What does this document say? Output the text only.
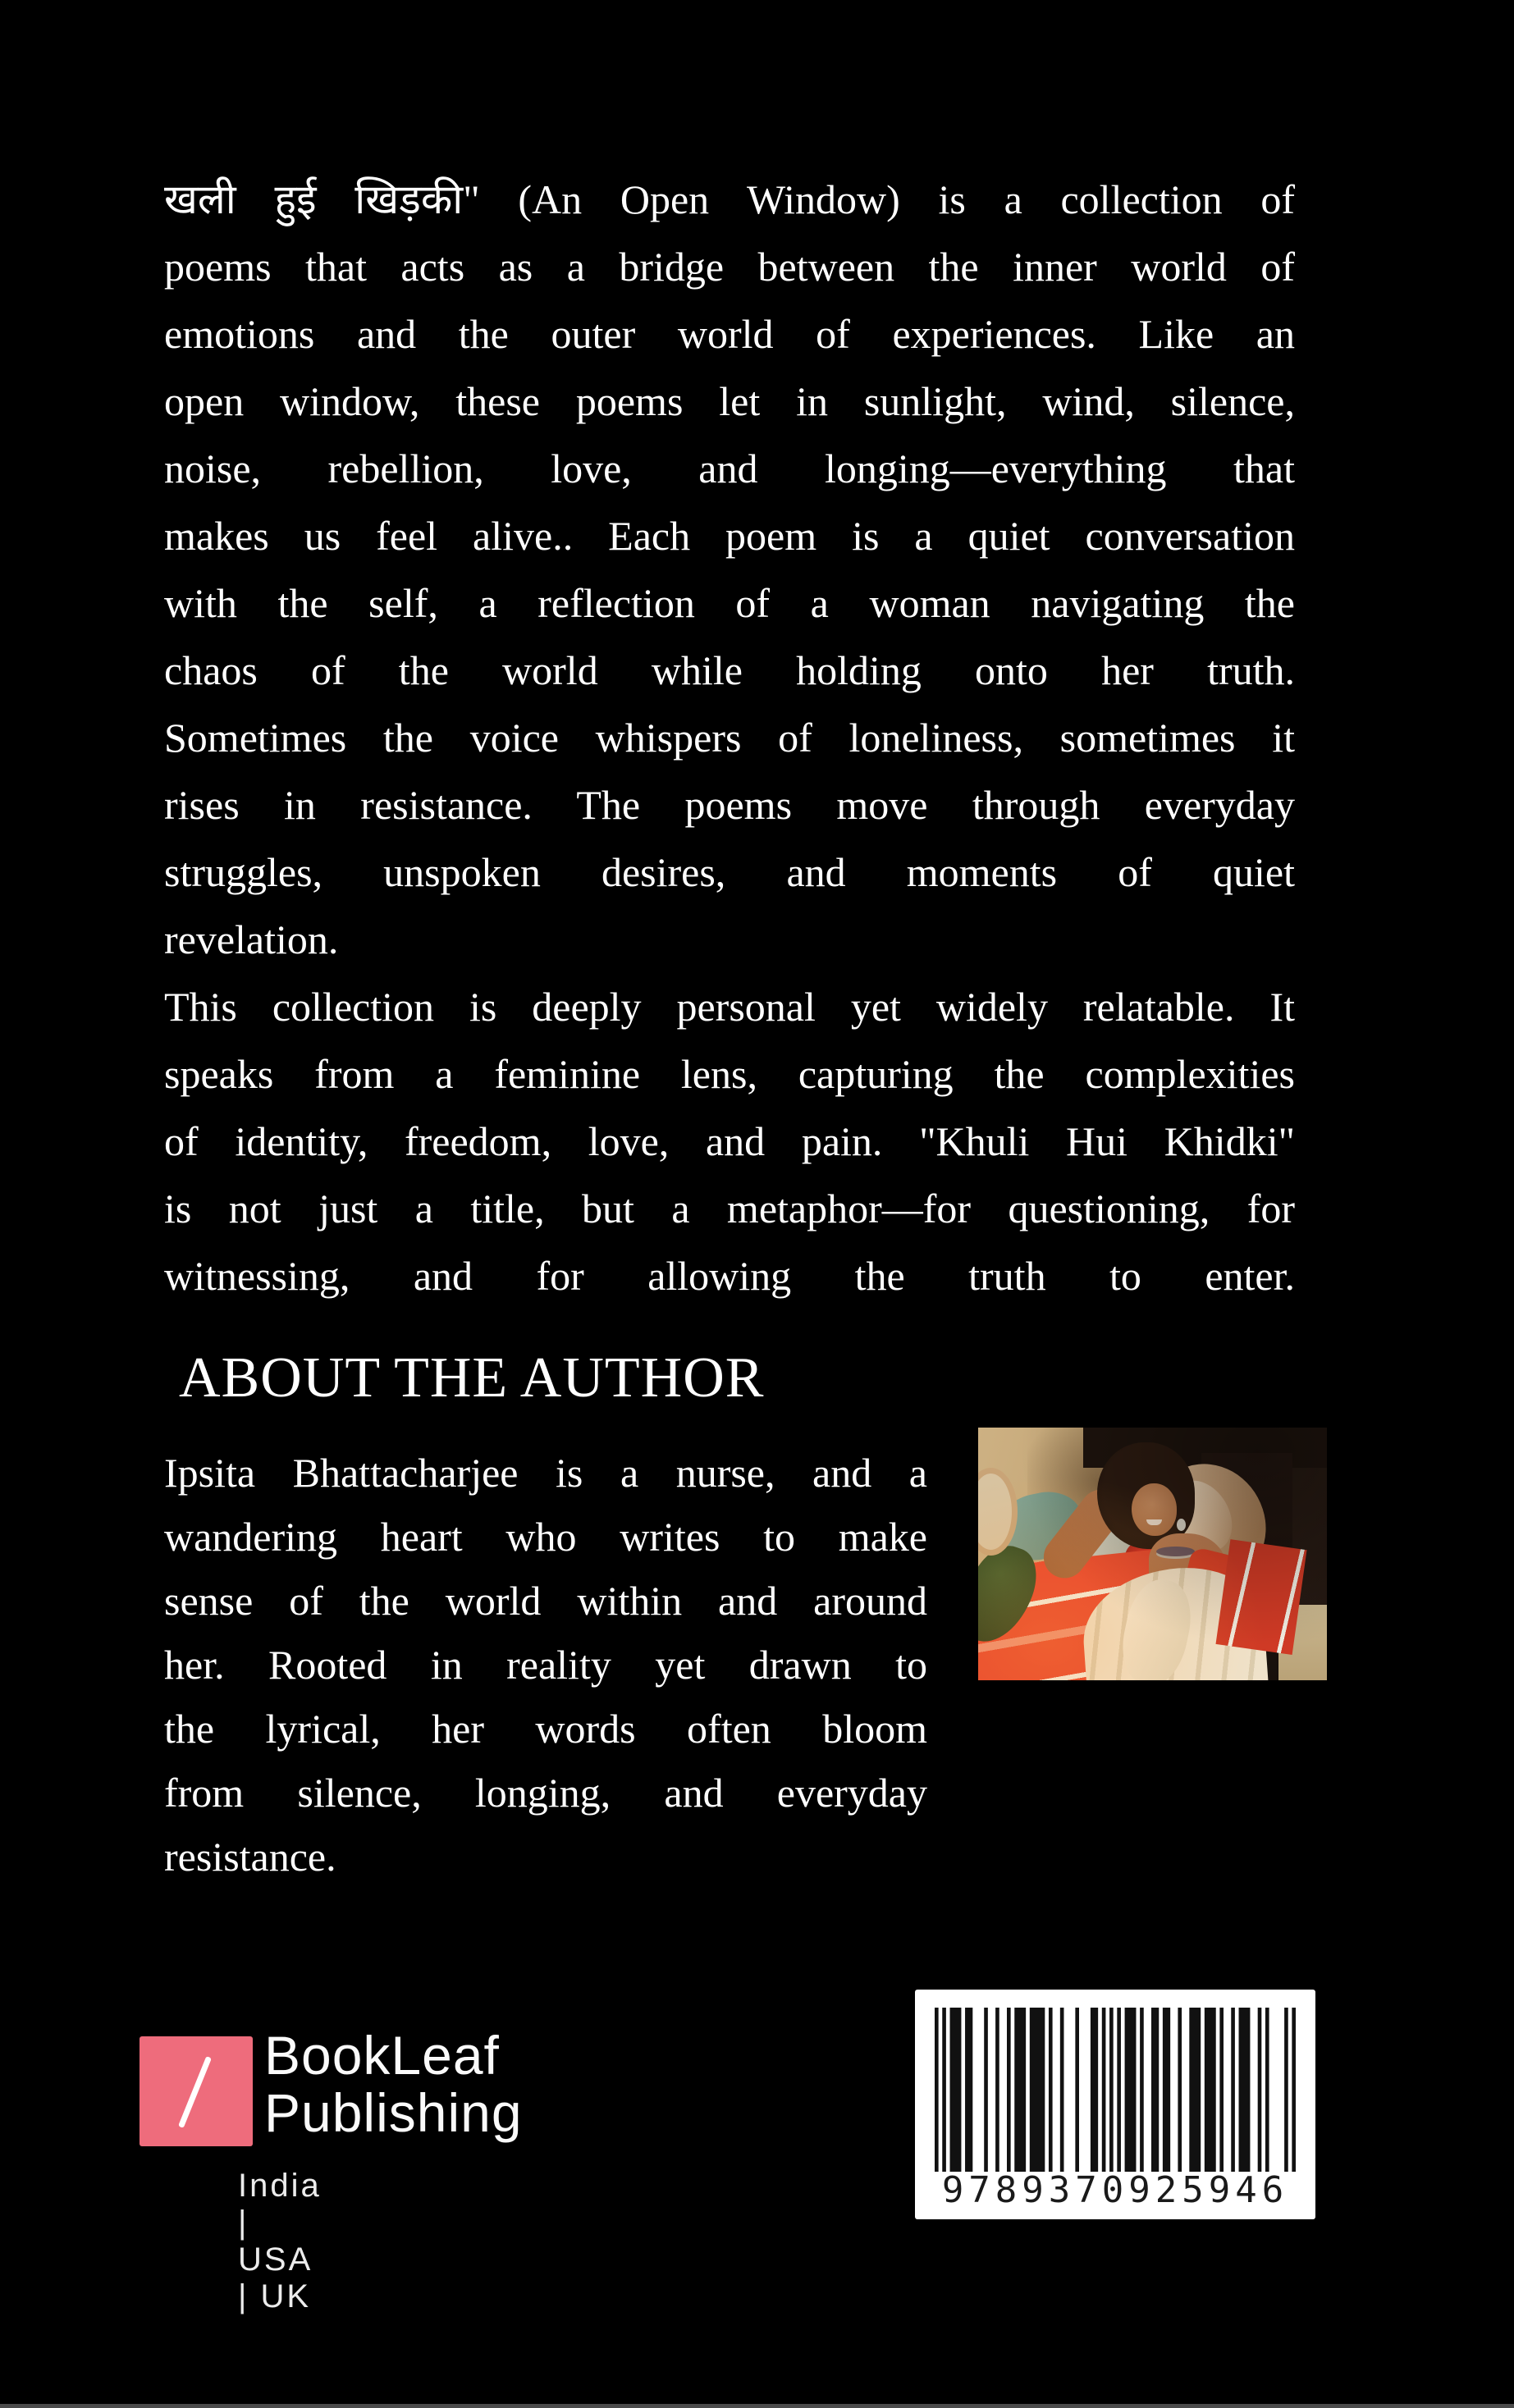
खली हुई खिड़की" (An Open Window) is a collection of
poems that acts as a bridge between the inner world of
emotions and the outer world of experiences. Like an
open window, these poems let in sunlight, wind, silence,
noise, rebellion, love, and longing—everything that
makes us feel alive.. Each poem is a quiet conversation
with the self, a reflection of a woman navigating the
chaos of the world while holding onto her truth.
Sometimes the voice whispers of loneliness, sometimes it
rises in resistance. The poems move through everyday
struggles, unspoken desires, and moments of quiet
revelation.
This collection is deeply personal yet widely relatable. It
speaks from a feminine lens, capturing the complexities
of identity, freedom, love, and pain. "Khuli Hui Khidki"
is not just a title, but a metaphor—for questioning, for
witnessing, and for allowing the truth to enter.
ABOUT THE AUTHOR
Ipsita Bhattacharjee is a nurse, and a
wandering heart who writes to make
sense of the world within and around
her. Rooted in reality yet drawn to
the lyrical, her words often bloom
from silence, longing, and everyday
resistance.
BookLeaf
Publishing
India | USA | UK
9789370925946
